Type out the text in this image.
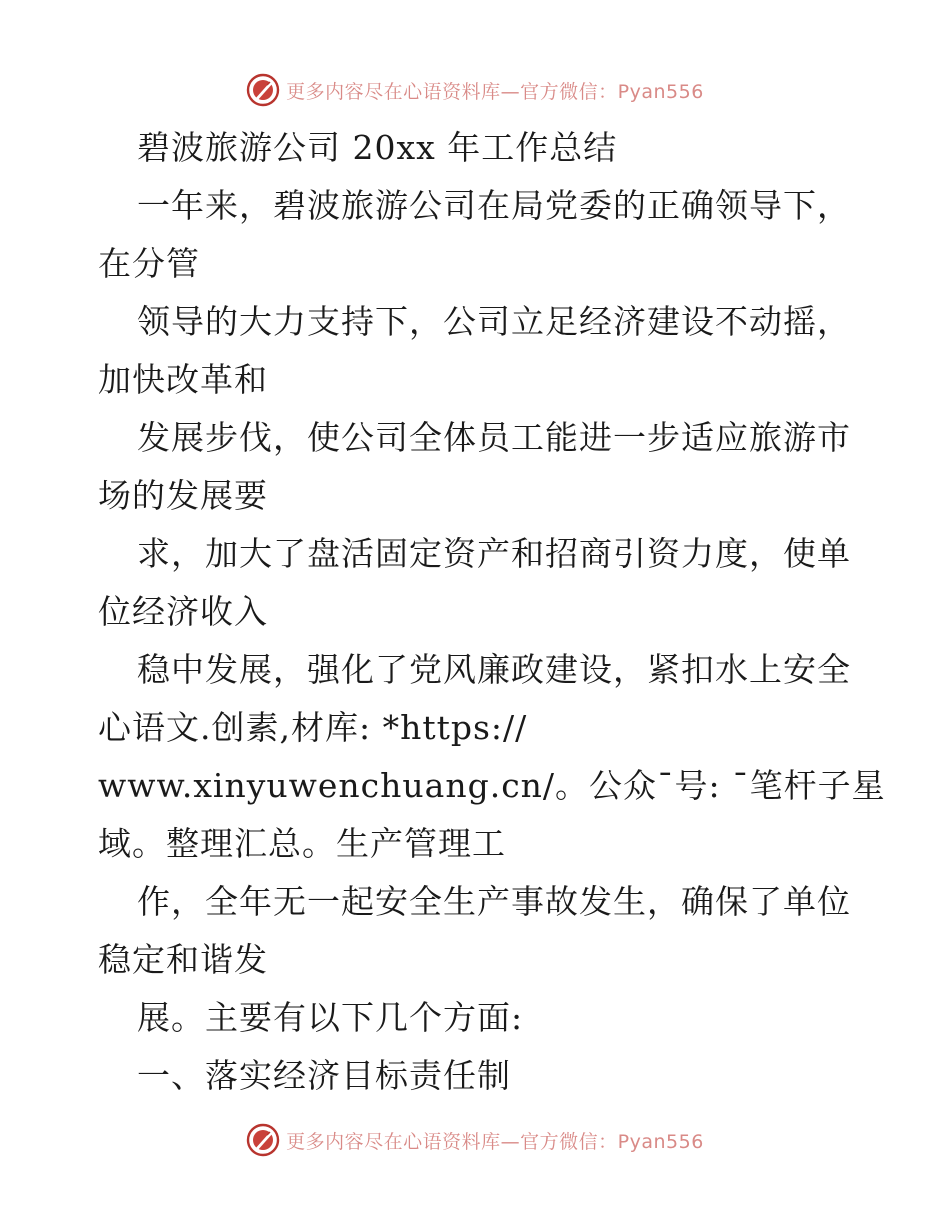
更多内容尽在心语资料库—官方微信：Pyan556
碧波旅游公司 20xx 年工作总结
一年来，碧波旅游公司在局党委的正确领导下，
在分管
领导的大力支持下，公司立足经济建设不动摇，
加快改革和
发展步伐，使公司全体员工能进一步适应旅游市
场的发展要
求，加大了盘活固定资产和招商引资力度，使单
位经济收入
稳中发展，强化了党风廉政建设，紧扣水上安全
心语文.创素,材库: *https://
www.xinyuwenchuang.cn/。公众¯号: ¯笔杆子星
域。整理汇总。生产管理工
作，全年无一起安全生产事故发生，确保了单位
稳定和谐发
展。主要有以下几个方面:
一、落实经济目标责任制
更多内容尽在心语资料库—官方微信：Pyan556
